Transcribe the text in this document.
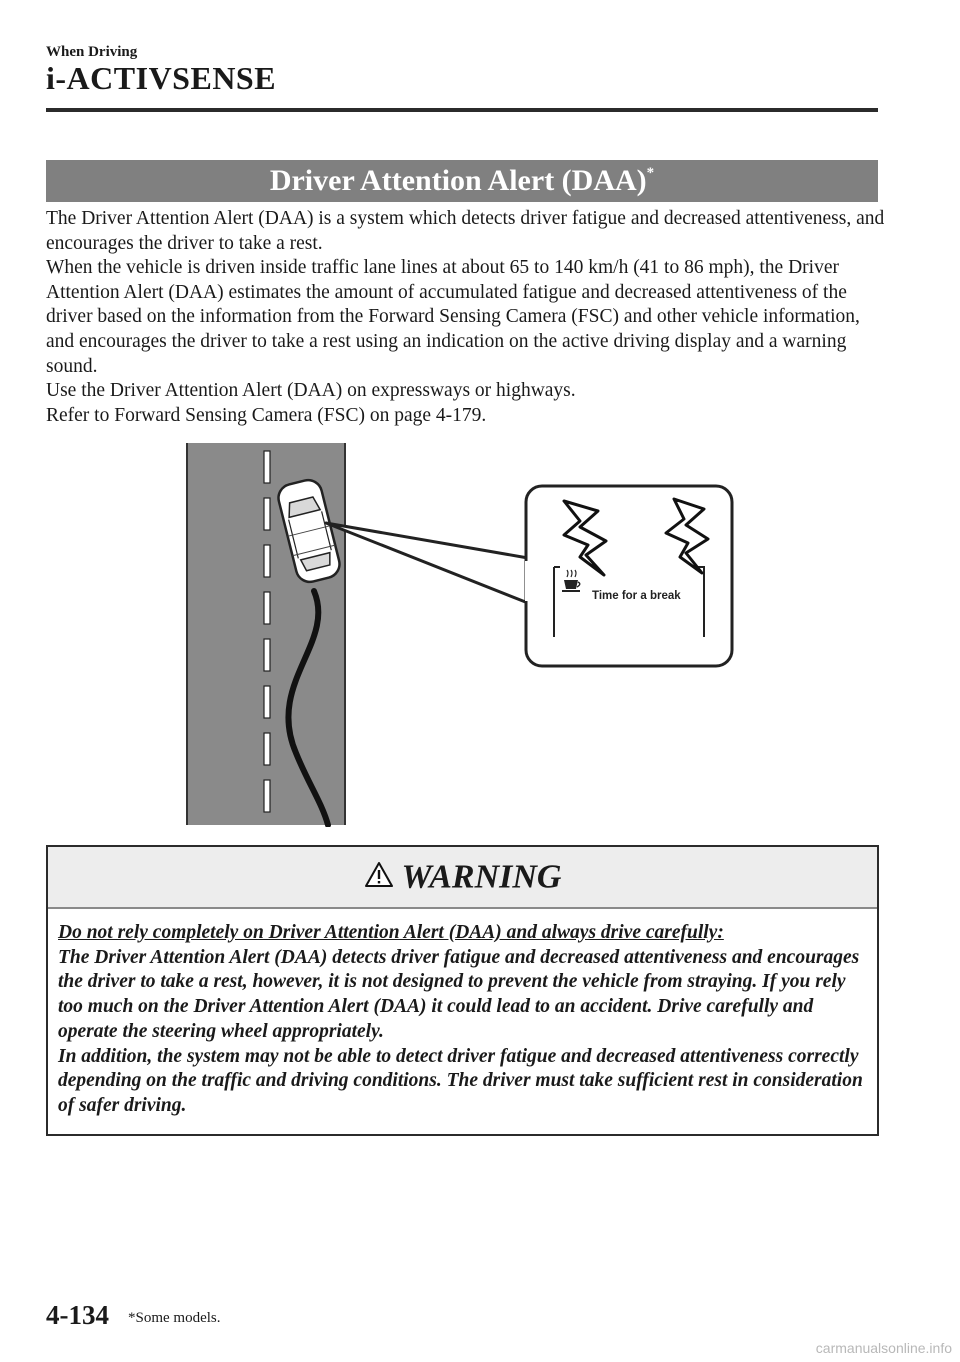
When Driving
i-ACTIVSENSE
Driver Attention Alert (DAA)*

The Driver Attention Alert (DAA) is a system which detects driver fatigue and decreased attentiveness, and encourages the driver to take a rest.

When the vehicle is driven inside traffic lane lines at about 65 to 140 km/h (41 to 86 mph), the Driver Attention Alert (DAA) estimates the amount of accumulated fatigue and decreased attentiveness of the driver based on the information from the Forward Sensing Camera (FSC) and other vehicle information, and encourages the driver to take a rest using an indication on the active driving display and a warning sound.

Use the Driver Attention Alert (DAA) on expressways or highways.

Refer to Forward Sensing Camera (FSC) on page 4-179.

Time for a break
WARNING

Do not rely completely on Driver Attention Alert (DAA) and always drive carefully:

The Driver Attention Alert (DAA) detects driver fatigue and decreased attentiveness and encourages the driver to take a rest, however, it is not designed to prevent the vehicle from straying. If you rely too much on the Driver Attention Alert (DAA) it could lead to an accident. Drive carefully and operate the steering wheel appropriately.

In addition, the system may not be able to detect driver fatigue and decreased attentiveness correctly depending on the traffic and driving conditions. The driver must take sufficient rest in consideration of safer driving.

4-134 *Some models.
carmanualsonline.info
